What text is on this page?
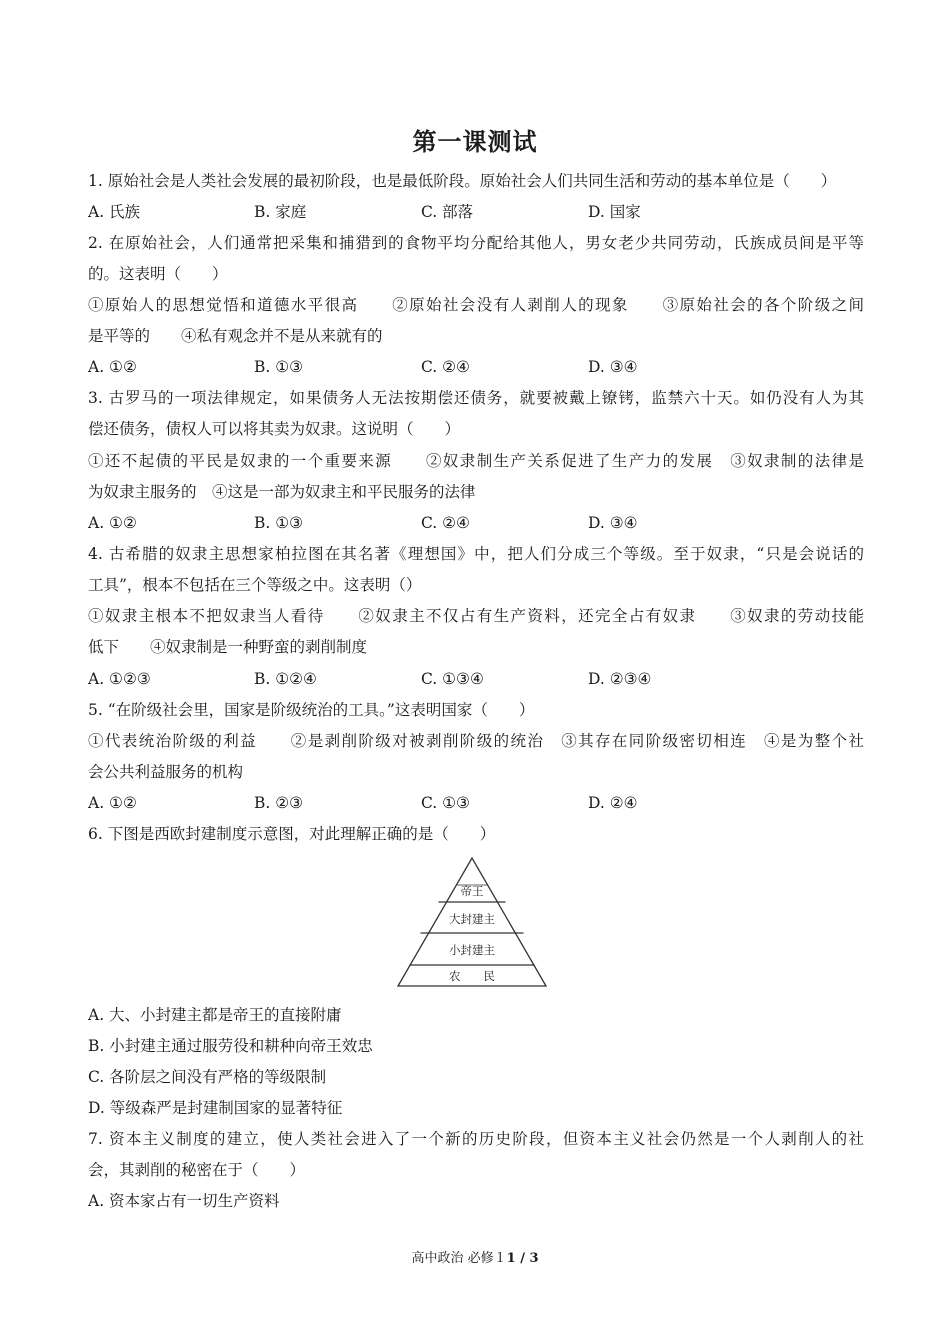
第一课测试
1. 原始社会是人类社会发展的最初阶段，也是最低阶段。原始社会人们共同生活和劳动的基本单位是（　　）
A. 氏族	B. 家庭	C. 部落	D. 国家
2. 在原始社会，人们通常把采集和捕猎到的食物平均分配给其他人，男女老少共同劳动，氏族成员间是平等
的。这表明（　　）
①原始人的思想觉悟和道德水平很高　　②原始社会没有人剥削人的现象　　③原始社会的各个阶级之间
是平等的　　④私有观念并不是从来就有的
A. ①②	B. ①③	C. ②④	D. ③④
3. 古罗马的一项法律规定，如果债务人无法按期偿还债务，就要被戴上镣铐，监禁六十天。如仍没有人为其
偿还债务，债权人可以将其卖为奴隶。这说明（　　）
①还不起债的平民是奴隶的一个重要来源　　②奴隶制生产关系促进了生产力的发展　③奴隶制的法律是
为奴隶主服务的　④这是一部为奴隶主和平民服务的法律
A. ①②	B. ①③	C. ②④	D. ③④
4. 古希腊的奴隶主思想家柏拉图在其名著《理想国》中，把人们分成三个等级。至于奴隶，“只是会说话的
工具”，根本不包括在三个等级之中。这表明（）
①奴隶主根本不把奴隶当人看待　　②奴隶主不仅占有生产资料，还完全占有奴隶　　③奴隶的劳动技能
低下　　④奴隶制是一种野蛮的剥削制度
A. ①②③	B. ①②④	C. ①③④	D. ②③④
5. “在阶级社会里，国家是阶级统治的工具。”这表明国家（　　）
①代表统治阶级的利益　　②是剥削阶级对被剥削阶级的统治　③其存在同阶级密切相连　④是为整个社
会公共利益服务的机构
A. ①②	B. ②③	C. ①③	D. ②④
6. 下图是西欧封建制度示意图，对此理解正确的是（　　）
帝王
大封建主
小封建主
农　　民
A. 大、小封建主都是帝王的直接附庸
B. 小封建主通过服劳役和耕种向帝王效忠
C. 各阶层之间没有严格的等级限制
D. 等级森严是封建制国家的显著特征
7. 资本主义制度的建立，使人类社会进入了一个新的历史阶段，但资本主义社会仍然是一个人剥削人的社
会，其剥削的秘密在于（　　）
A. 资本家占有一切生产资料
高中政治 必修１1 / 3
